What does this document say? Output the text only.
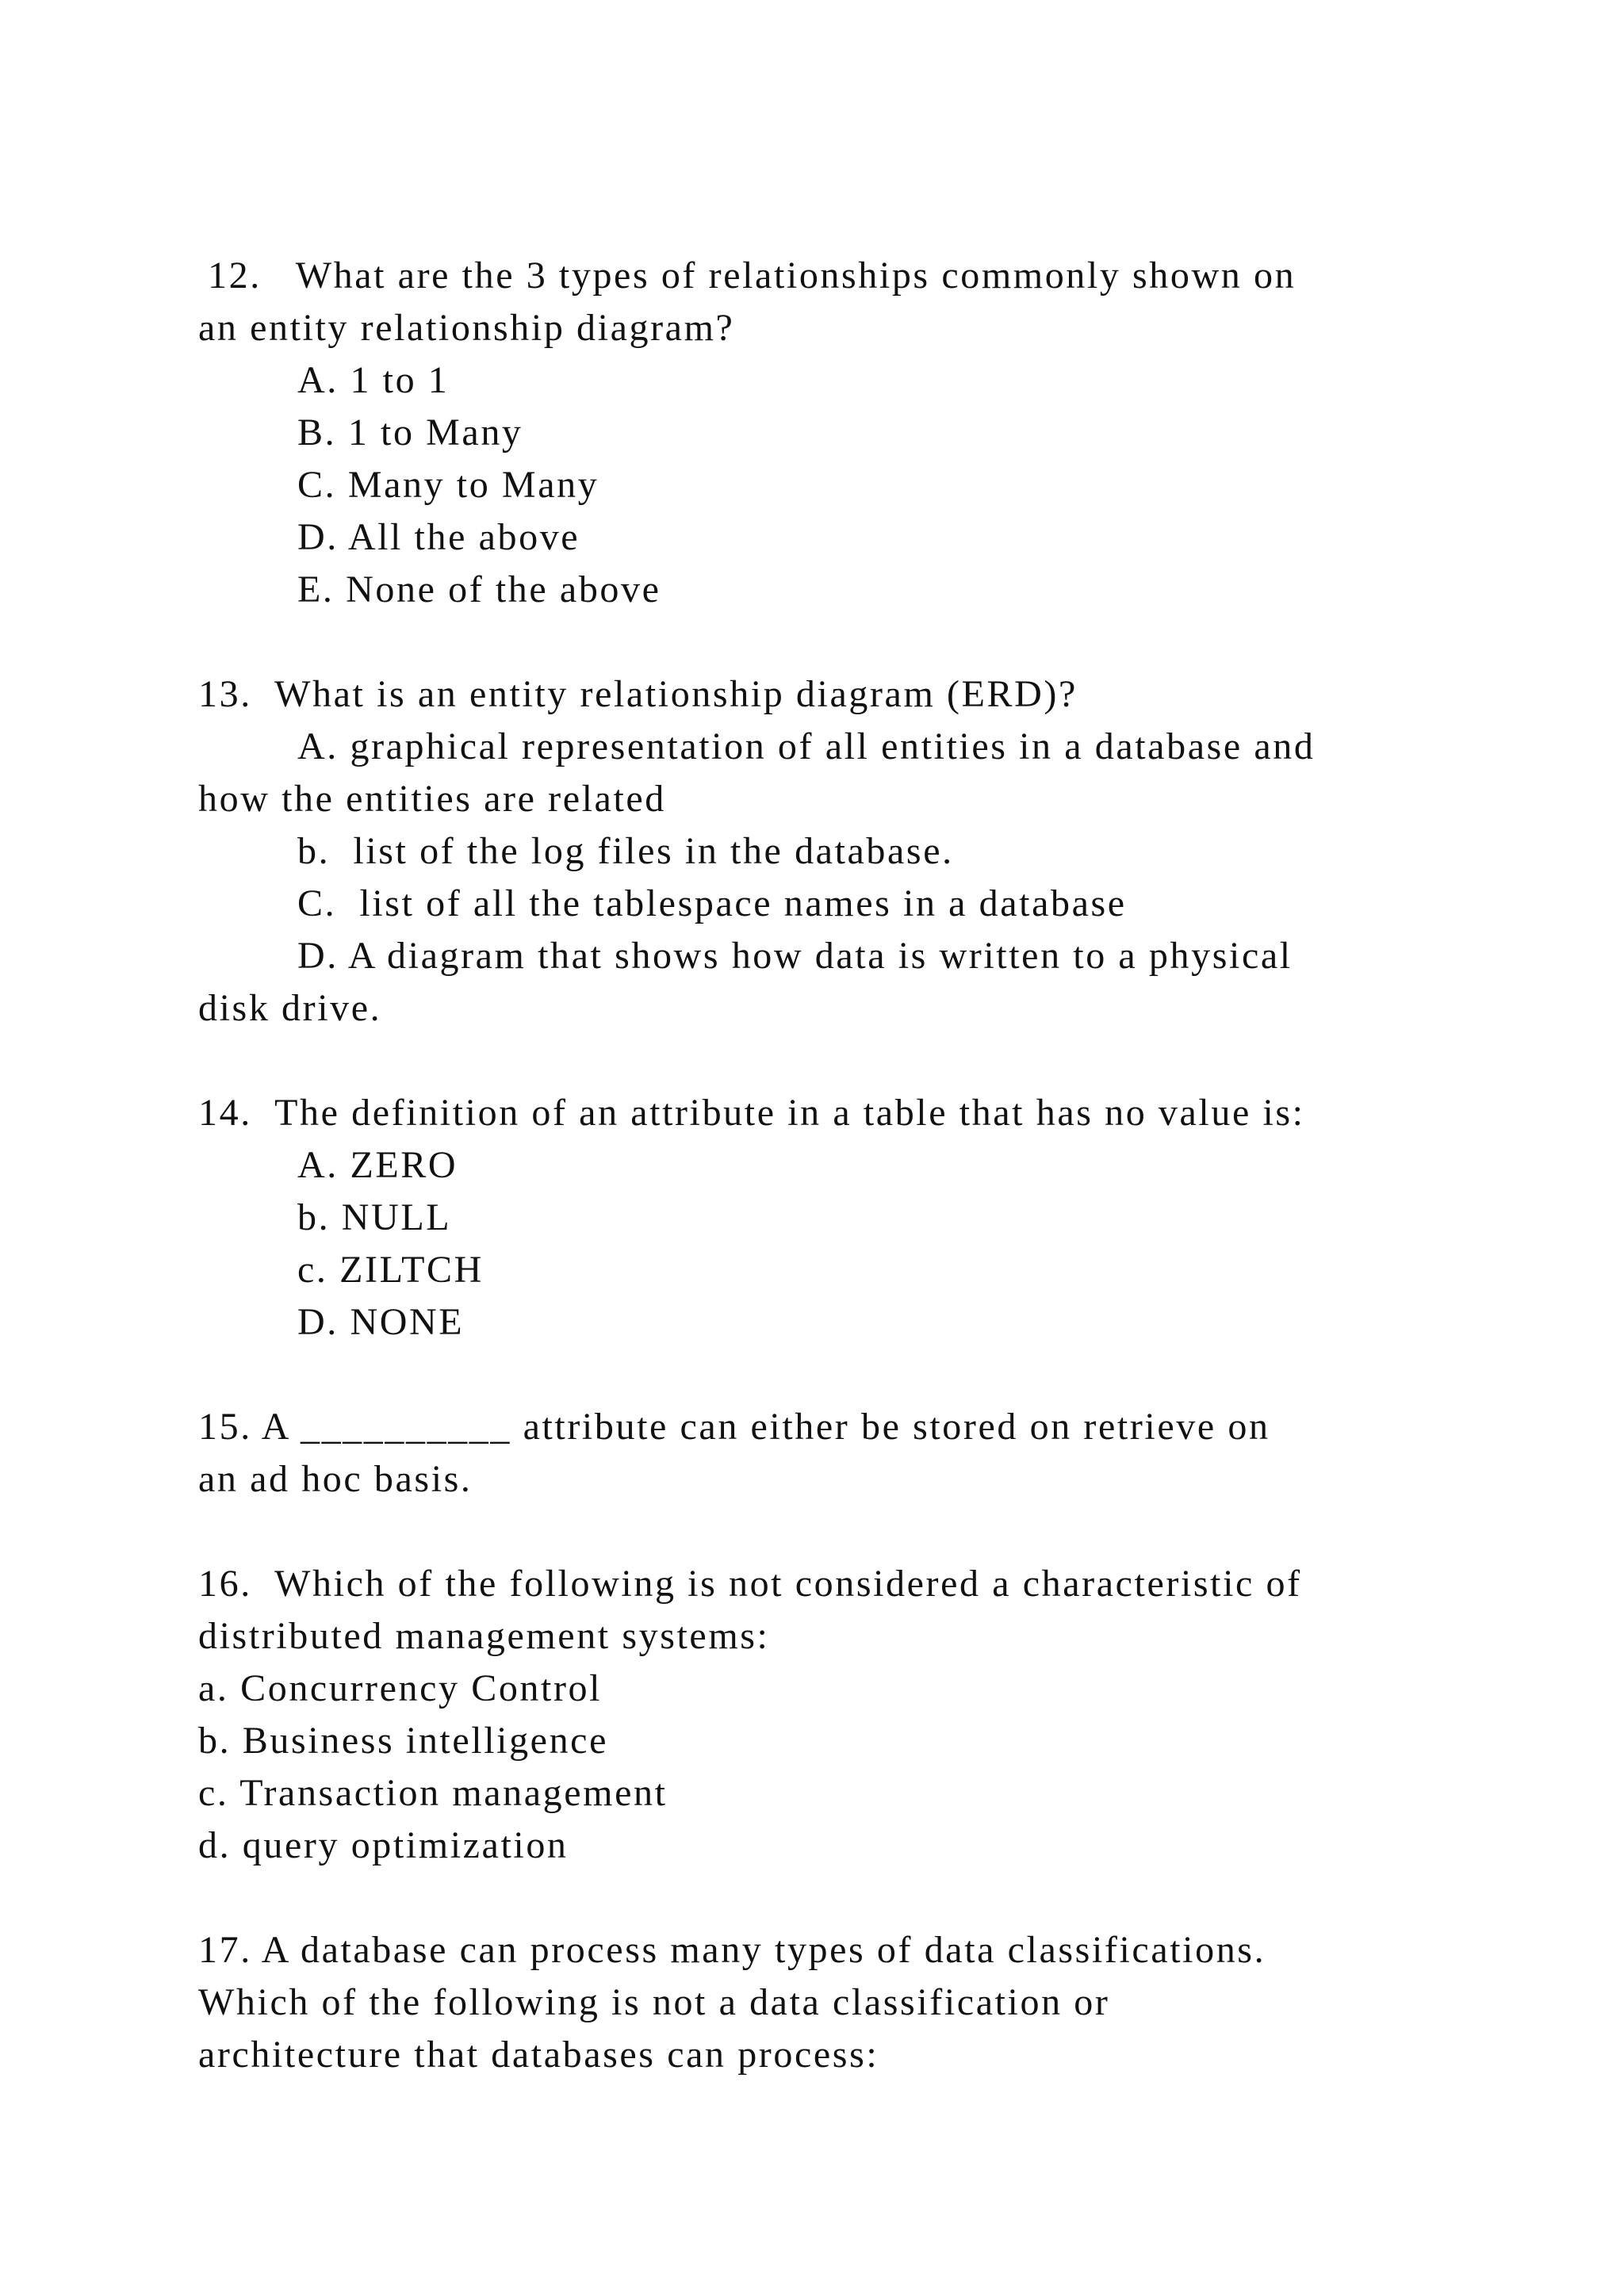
12.   What are the 3 types of relationships commonly shown on

an entity relationship diagram?

A. 1 to 1

B. 1 to Many

C. Many to Many

D. All the above

E. None of the above

13.  What is an entity relationship diagram (ERD)?

A. graphical representation of all entities in a database and

how the entities are related

b.  list of the log files in the database.

C.  list of all the tablespace names in a database

D. A diagram that shows how data is written to a physical

disk drive.

14.  The definition of an attribute in a table that has no value is:

A. ZERO

b. NULL

c. ZILTCH

D. NONE

15. A __________ attribute can either be stored on retrieve on

an ad hoc basis.

16.  Which of the following is not considered a characteristic of

distributed management systems:

a. Concurrency Control

b. Business intelligence

c. Transaction management

d. query optimization

17. A database can process many types of data classifications.

Which of the following is not a data classification or

architecture that databases can process:
